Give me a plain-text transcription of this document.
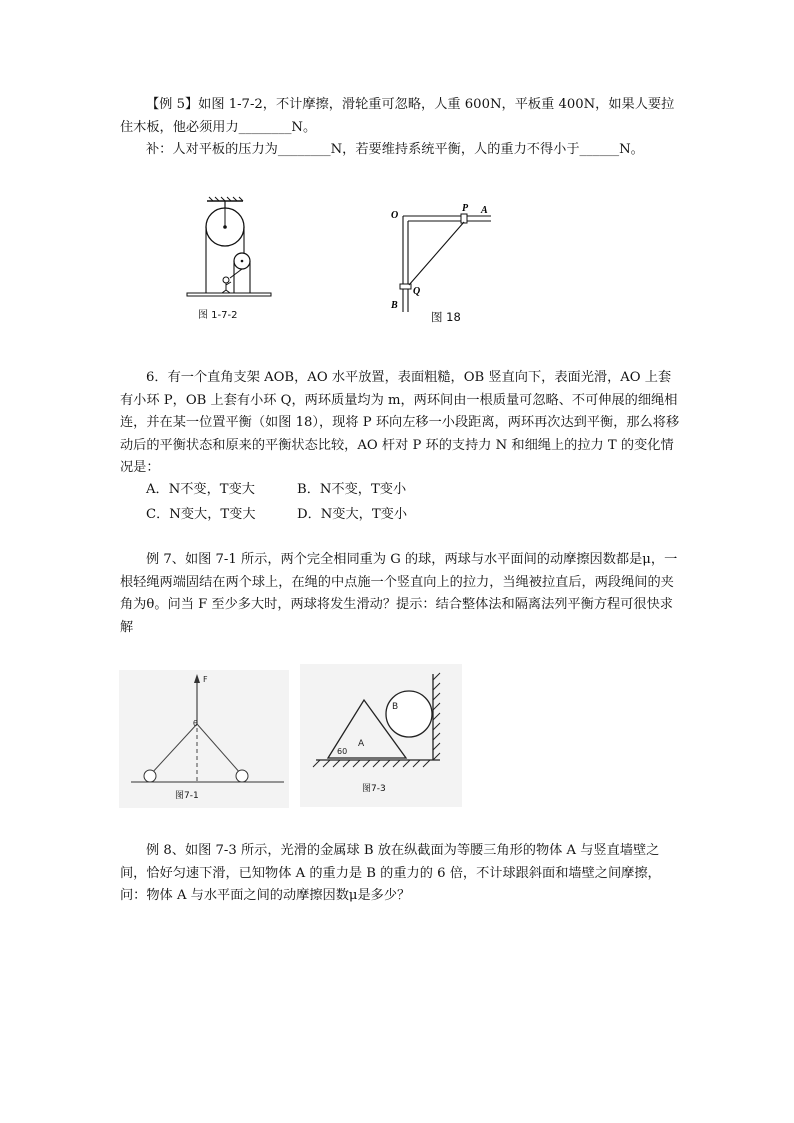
【例 5】如图 1-7-2，不计摩擦，滑轮重可忽略，人重 600N，平板重 400N，如果人要拉住木板，他必须用力________N。

补：人对平板的压力为________N，若要维持系统平衡，人的重力不得小于______N。

图 1-7-2
O
P A
B
Q
图 18

6．有一个直角支架 AOB，AO 水平放置，表面粗糙，OB 竖直向下，表面光滑，AO 上套有小环 P，OB 上套有小环 Q，两环质量均为 m，两环间由一根质量可忽略、不可伸展的细绳相连，并在某一位置平衡（如图 18），现将 P 环向左移一小段距离，两环再次达到平衡，那么将移动后的平衡状态和原来的平衡状态比较，AO 杆对 P 环的支持力 N 和细绳上的拉力 T 的变化情况是：

A．N不变，T变大	B．N不变，T变小
C．N变大，T变大	D．N变大，T变小

例 7、如图 7-1 所示，两个完全相同重为 G 的球，两球与水平面间的动摩擦因数都是μ，一根轻绳两端固结在两个球上，在绳的中点施一个竖直向上的拉力，当绳被拉直后，两段绳间的夹角为θ。问当 F 至少多大时，两球将发生滑动？提示：结合整体法和隔离法列平衡方程可很快求解

F
θ
图7-1
B
A
60
图7-3

例 8、如图 7-3 所示，光滑的金属球 B 放在纵截面为等腰三角形的物体 A 与竖直墙壁之间，恰好匀速下滑，已知物体 A 的重力是 B 的重力的 6 倍，不计球跟斜面和墙壁之间摩擦，问：物体 A 与水平面之间的动摩擦因数μ是多少？
